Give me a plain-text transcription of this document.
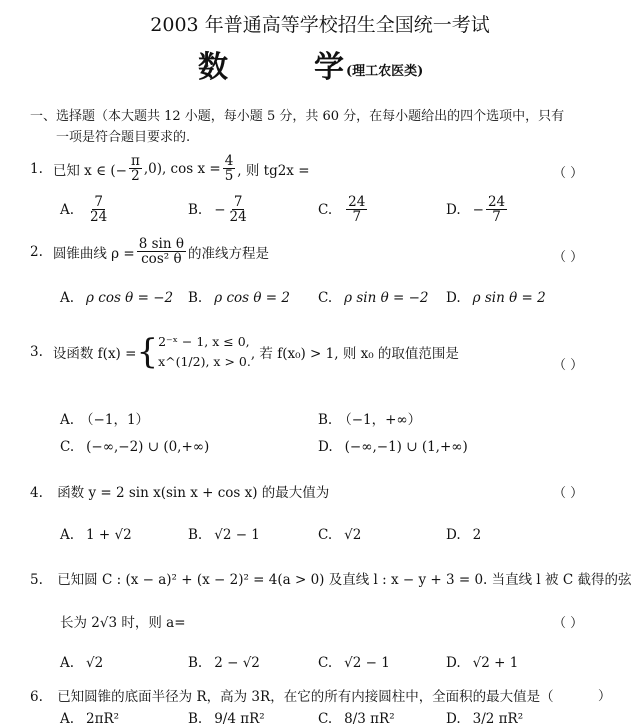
2003 年普通高等学校招生全国统一考试
数	学 (理工农医类)
一、选择题（本大题共 12 小题，每小题 5 分，共 60 分，在每小题给出的四个选项中，只有
一项是符合题目要求的.
1. 已知 x ∈ (− $\frac{\pi}{2} ,0$), $\cos x = \frac{4}{5}$ , 则 tg2x =	（ ）
A. $\frac{7}{24}$	B. − $\frac{7}{24}$	C. $\frac{24}{7}$	D. − $\frac{24}{7}$
2. 圆锥曲线 $\rho = \frac{\text{8 sin θ}}{\text{cos² θ}}$ 的准线方程是	（ ）
A. ρ cos θ = −2 B. ρ cos θ = 2 C. ρ sin θ = −2 D. ρ sin θ = 2
3. 设函数 f(x) = { 2⁻ˣ − 1, x ≤ 0,
x^(1/2), x > 0. , 若 f(x₀) > 1, 则 x₀ 的取值范围是
（ ）
A. （−1，1）	B. （−1，+∞）
C. (−∞,−2) ∪ (0,+∞)	D. (−∞,−1) ∪ (1,+∞)
4. 函数 y = 2 sin x(sin x + cos x) 的最大值为	（ ）
A. 1 + √2	B. √2 − 1	C. √2	D. 2
5. 已知圆 C : (x − a)² + (x − 2)² = 4(a > 0) 及直线 l : x − y + 3 = 0. 当直线 l 被 C 截得的弦
长为 2√3 时，则 a=	（ ）
A. √2	B. 2 − √2	C. √2 − 1	D. √2 + 1
6. 已知圆锥的底面半径为 R，高为 3R，在它的所有内接圆柱中，全面积的最大值是（	）
A. 2πR²	B. 9/4 πR²	C. 8/3 πR²	D. 3/2 πR²
